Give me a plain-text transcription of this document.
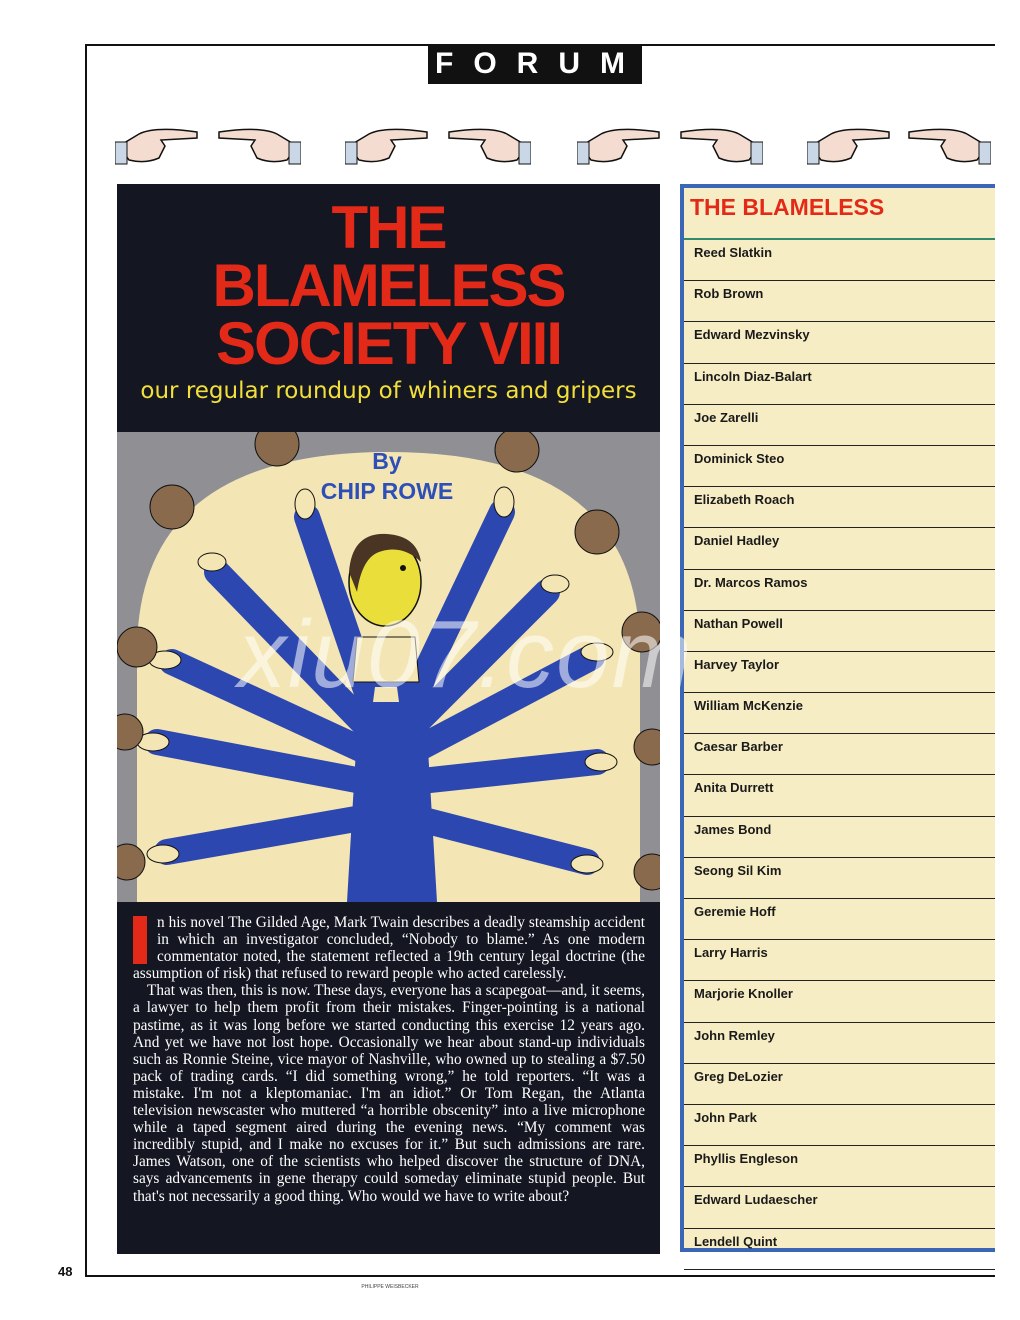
FORUM
THE
BLAMELESS
SOCIETY VIII
our regular roundup of whiners and gripers
By
CHIP ROWE

n his novel The Gilded Age, Mark Twain describes a deadly steamship accident in which an investigator concluded, “Nobody to blame.” As one modern commentator noted, the statement reflected a 19th century legal doctrine (the assumption of risk) that refused to reward people who acted carelessly.

That was then, this is now. These days, everyone has a scapegoat—and, it seems, a lawyer to help them profit from their mistakes. Finger-pointing is a national pastime, as it was long before we started conducting this exercise 12 years ago. And yet we have not lost hope. Occasionally we hear about stand-up individuals such as Ronnie Steine, vice mayor of Nashville, who owned up to stealing a $7.50 pack of trading cards. “I did something wrong,” he told reporters. “It was a mistake. I'm not a kleptomaniac. I'm an idiot.” Or Tom Regan, the Atlanta television newscaster who muttered “a horrible obscenity” into a live microphone while a taped segment aired during the evening news. “My comment was incredibly stupid, and I make no excuses for it.” But such admissions are rare. James Watson, one of the scientists who helped discover the structure of DNA, says advancements in gene therapy could someday eliminate stupid people. But that's not necessarily a good thing. Who would we have to write about?

THE BLAMELESS
Reed Slatkin
Rob Brown
Edward Mezvinsky
Lincoln Diaz-Balart
Joe Zarelli
Dominick Steo
Elizabeth Roach
Daniel Hadley
Dr. Marcos Ramos
Nathan Powell
Harvey Taylor
William McKenzie
Caesar Barber
Anita Durrett
James Bond
Seong Sil Kim
Geremie Hoff
Larry Harris
Marjorie Knoller
John Remley
Greg DeLozier
John Park
Phyllis Engleson
Edward Ludaescher
Lendell Quint
xiu07.com
48
PHILIPPE WEISBECKER
